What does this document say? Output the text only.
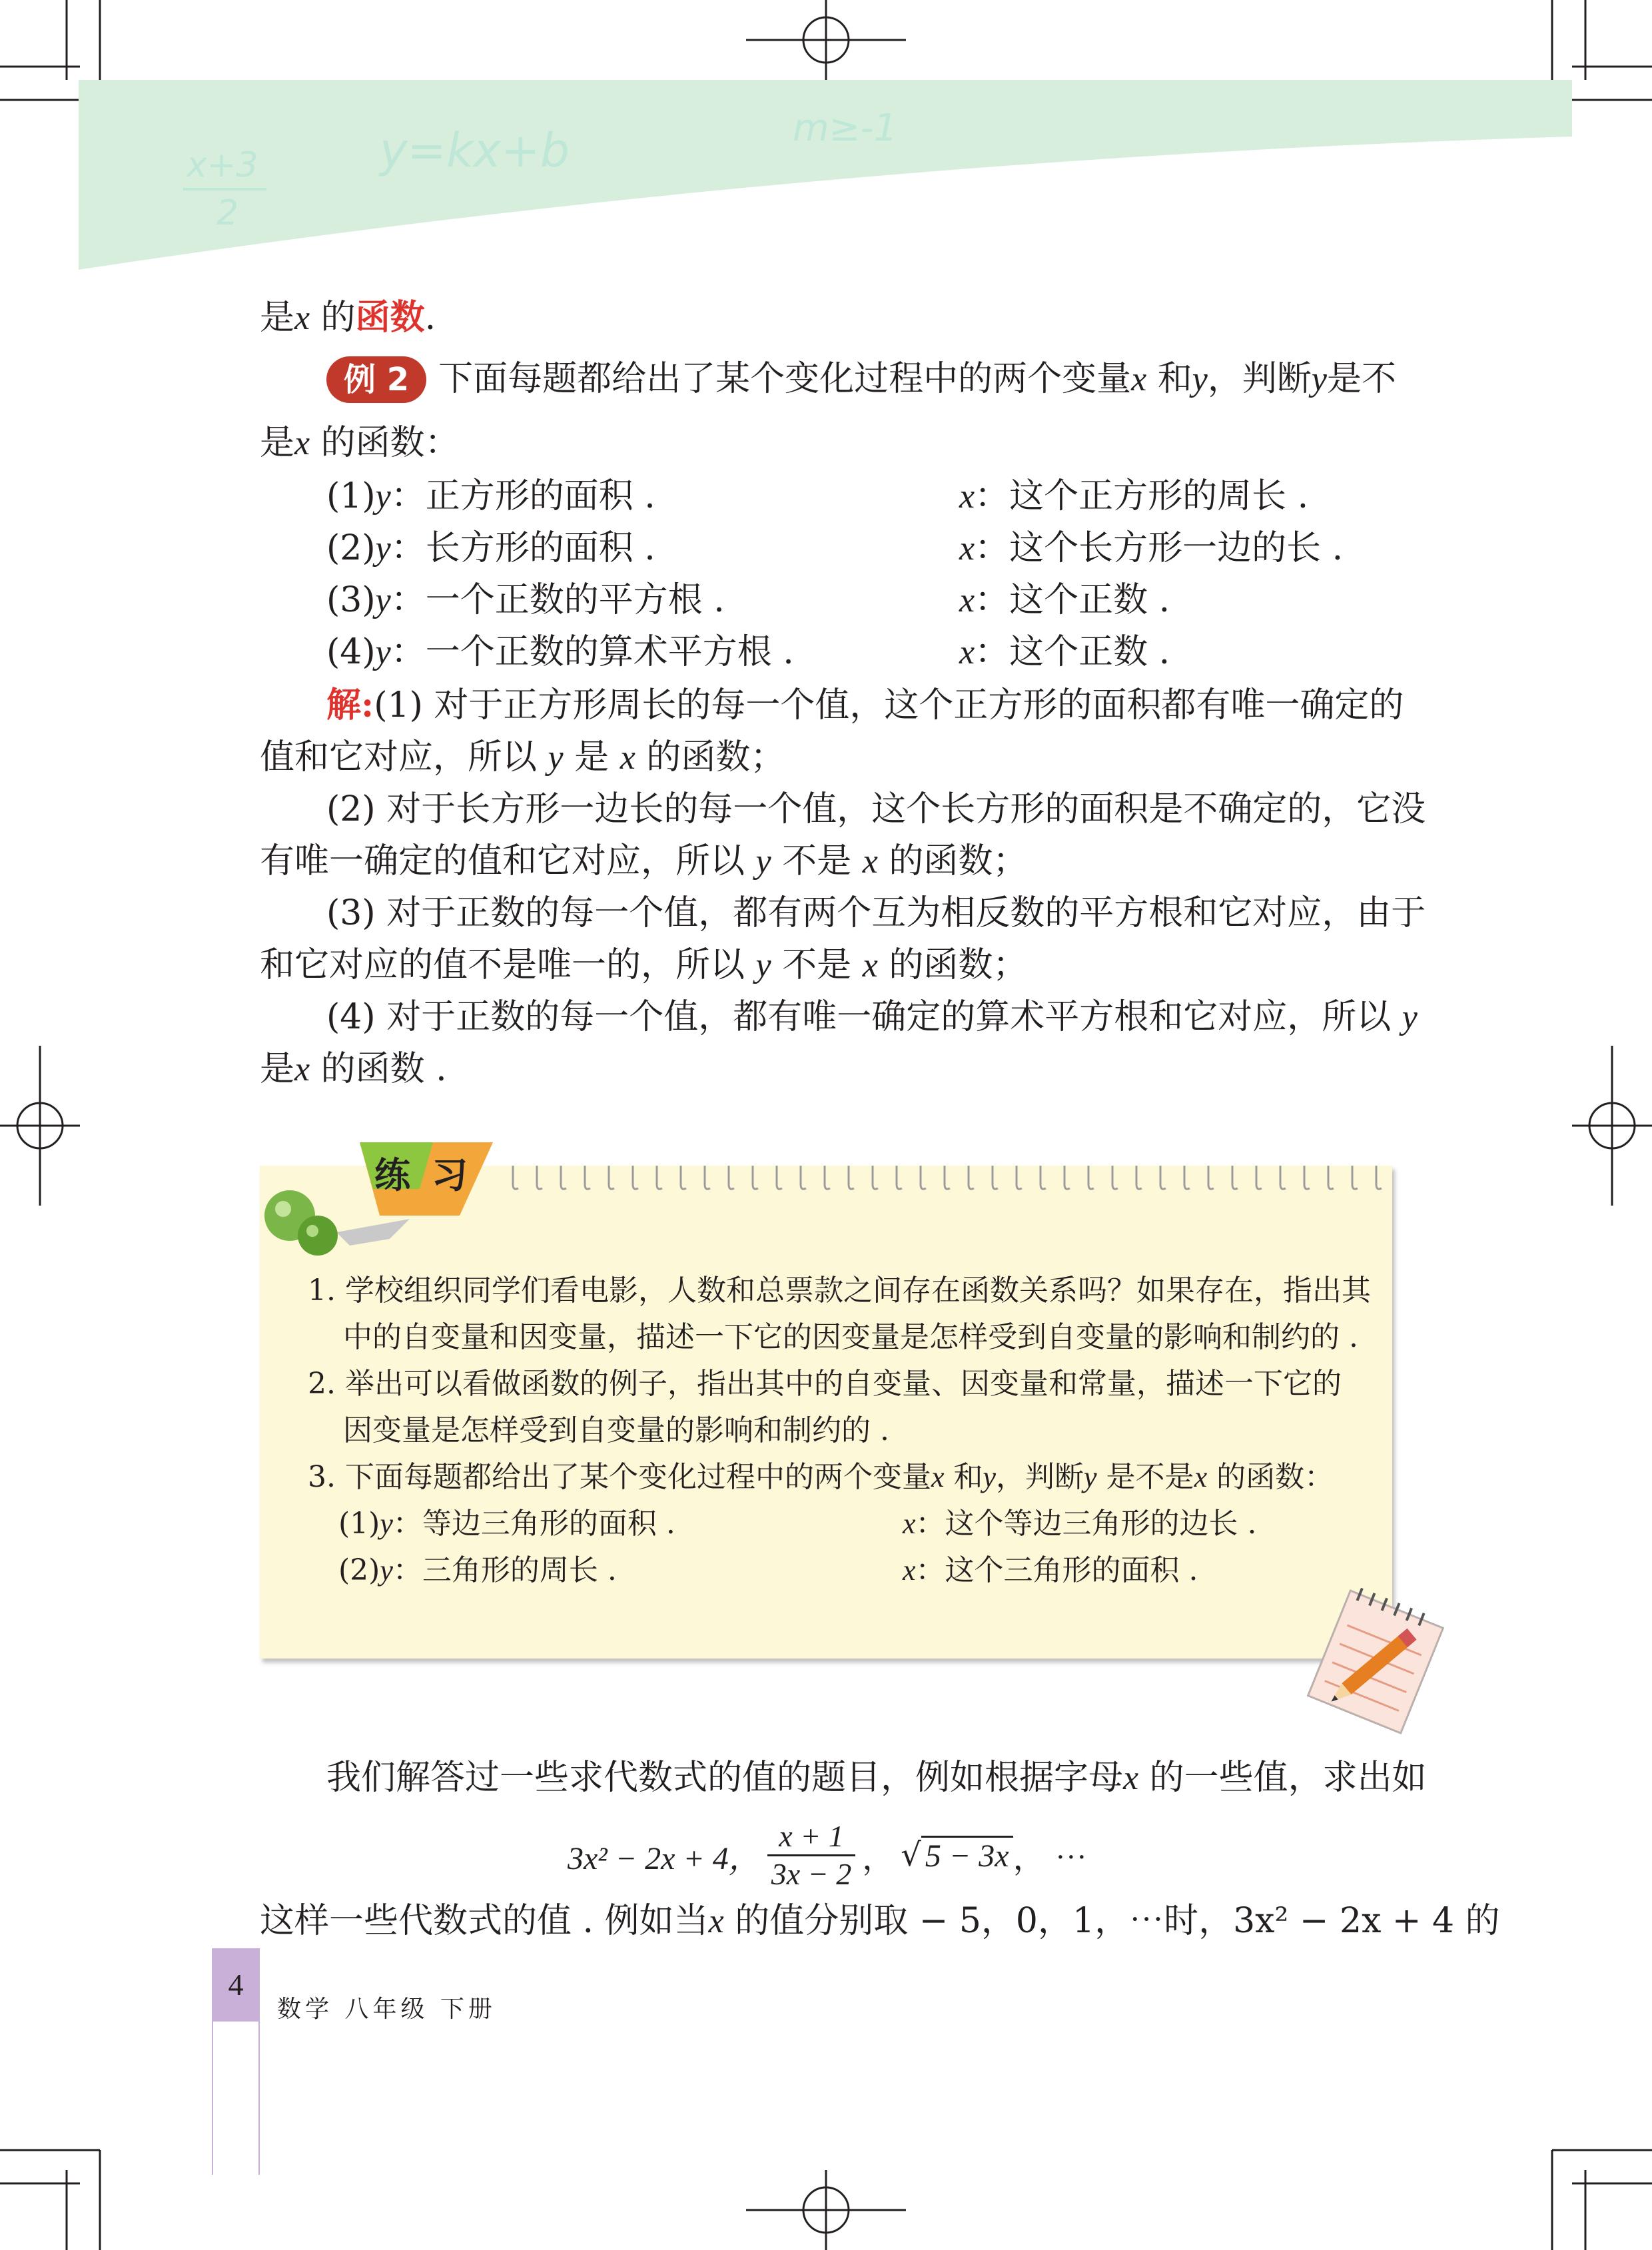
x+3
2
y=kx+b	m≥-1
是x 的函数.
例 2 下面每题都给出了某个变化过程中的两个变量x 和y，判断y是不
是x 的函数：
(1)y：正方形的面积 .	x：这个正方形的周长 .
(2)y：长方形的面积 .	x：这个长方形一边的长 .
(3)y：一个正数的平方根 .	x：这个正数 .
(4)y：一个正数的算术平方根 .	x：这个正数 .
解:(1) 对于正方形周长的每一个值，这个正方形的面积都有唯一确定的
值和它对应，所以 y 是 x 的函数；
(2) 对于长方形一边长的每一个值，这个长方形的面积是不确定的，它没
有唯一确定的值和它对应，所以 y 不是 x 的函数；
(3) 对于正数的每一个值，都有两个互为相反数的平方根和它对应，由于
和它对应的值不是唯一的，所以 y 不是 x 的函数；
(4) 对于正数的每一个值，都有唯一确定的算术平方根和它对应，所以 y
是x 的函数 .
练 习
1. 学校组织同学们看电影，人数和总票款之间存在函数关系吗？如果存在，指出其
中的自变量和因变量，描述一下它的因变量是怎样受到自变量的影响和制约的 .
2. 举出可以看做函数的例子，指出其中的自变量、因变量和常量，描述一下它的
因变量是怎样受到自变量的影响和制约的 .
3. 下面每题都给出了某个变化过程中的两个变量x 和y，判断y 是不是x 的函数：
(1)y：等边三角形的面积 .	x：这个等边三角形的边长 .
(2)y：三角形的周长 .	x：这个三角形的面积 .
我们解答过一些求代数式的值的题目，例如根据字母x 的一些值，求出如
3x² − 2x + 4， $\frac{x + 1}{3x - 2}$ ， √ 5 − 3x ， ⋯
这样一些代数式的值 . 例如当x 的值分别取 − 5，0，1，⋯时，3x² − 2x + 4 的
4
数学 八年级 下册
